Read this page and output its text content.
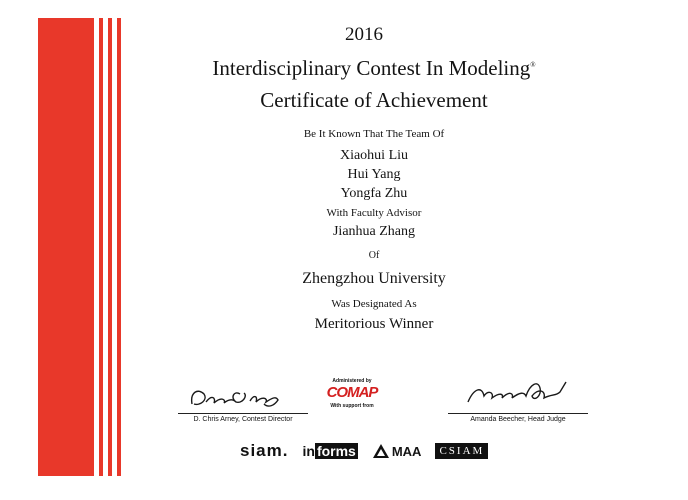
2016
Interdisciplinary Contest In Modeling®
Certificate of Achievement
Be It Known That The Team Of
Xiaohui Liu
Hui Yang
Yongfa Zhu
With Faculty Advisor
Jianhua Zhang
Of
Zhengzhou University
Was Designated As
Meritorious Winner
D. Chris Arney, Contest Director
Administered by
COMAP
With support from
Amanda Beecher, Head Judge
siam. in forms	MAA	CSIAM
